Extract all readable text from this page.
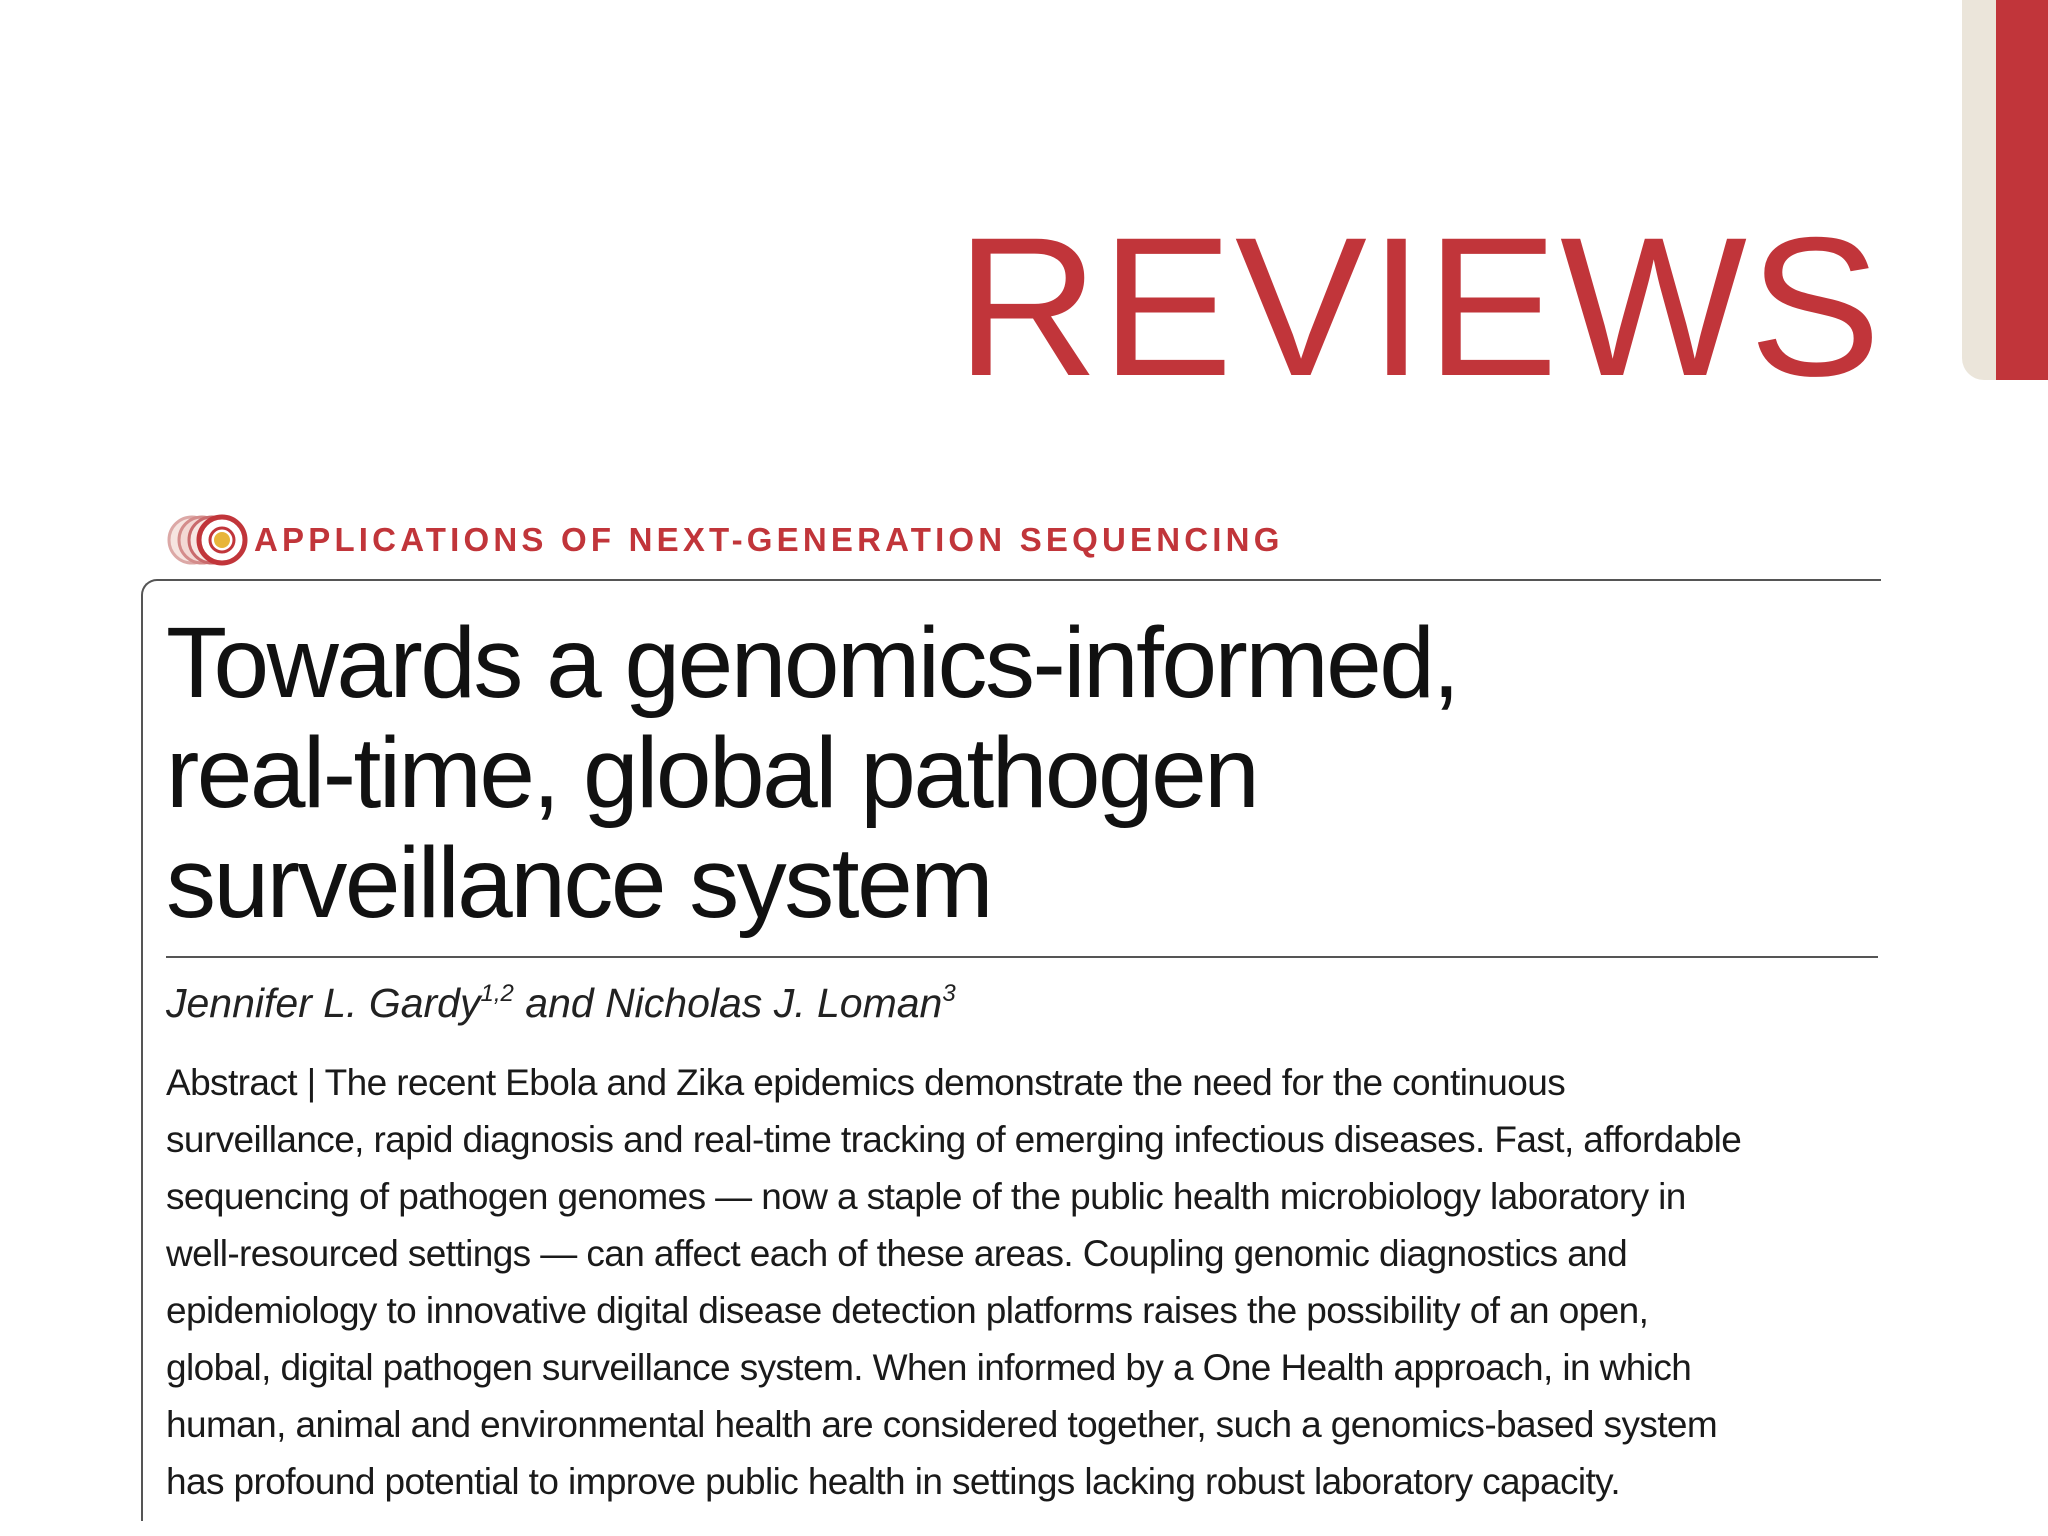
REVIEWS
APPLICATIONS OF NEXT-GENERATION SEQUENCING
Towards a genomics-informed,
real-time, global pathogen
surveillance system
Jennifer L. Gardy$^{1,2}$ and Nicholas J. Loman$^3$
Abstract | The recent Ebola and Zika epidemics demonstrate the need for the continuous
surveillance, rapid diagnosis and real-time tracking of emerging infectious diseases. Fast, affordable
sequencing of pathogen genomes — now a staple of the public health microbiology laboratory in
well-resourced settings — can affect each of these areas. Coupling genomic diagnostics and
epidemiology to innovative digital disease detection platforms raises the possibility of an open,
global, digital pathogen surveillance system. When informed by a One Health approach, in which
human, animal and environmental health are considered together, such a genomics-based system
has profound potential to improve public health in settings lacking robust laboratory capacity.
